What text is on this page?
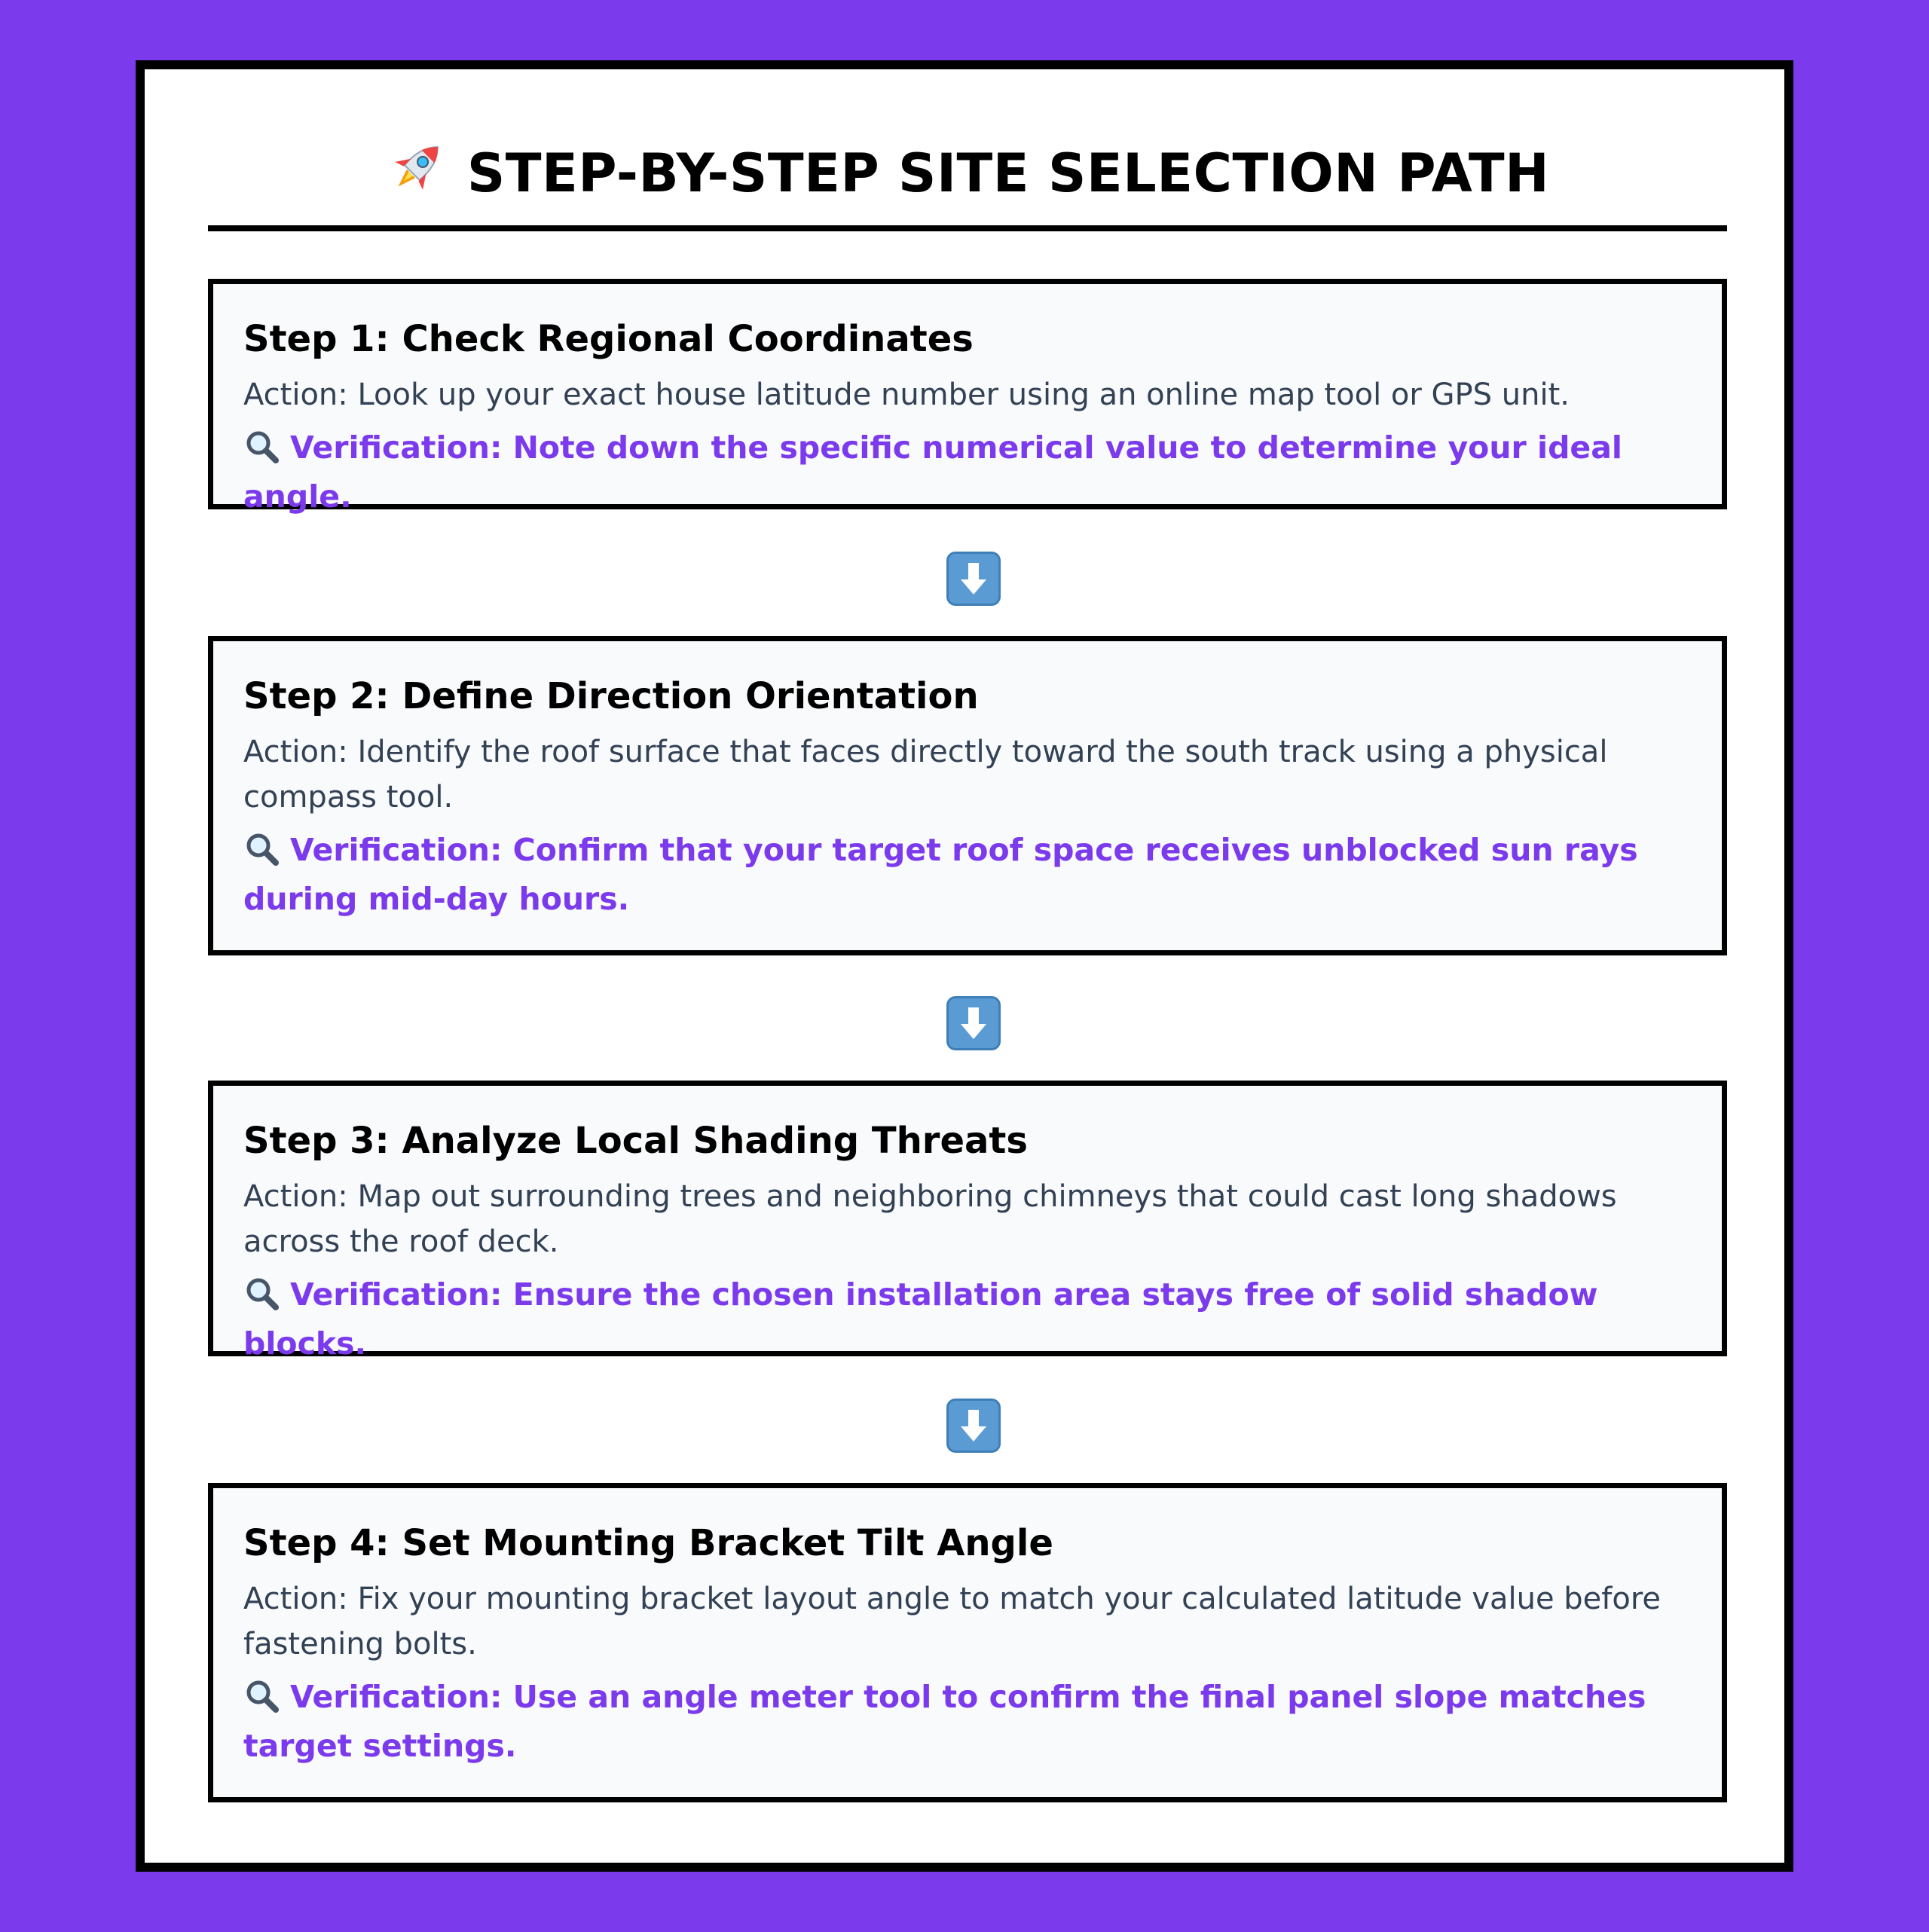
STEP-BY-STEP SITE SELECTION PATH

Step 1: Check Regional Coordinates

Action: Look up your exact house latitude number using an online map tool or GPS unit.

Verification: Note down the specific numerical value to determine your ideal angle.

Step 2: Define Direction Orientation

Action: Identify the roof surface that faces directly toward the south track using a physical compass tool.

Verification: Confirm that your target roof space receives unblocked sun rays during mid-day hours.

Step 3: Analyze Local Shading Threats

Action: Map out surrounding trees and neighboring chimneys that could cast long shadows across the roof deck.

Verification: Ensure the chosen installation area stays free of solid shadow blocks.

Step 4: Set Mounting Bracket Tilt Angle

Action: Fix your mounting bracket layout angle to match your calculated latitude value before fastening bolts.

Verification: Use an angle meter tool to confirm the final panel slope matches target settings.
